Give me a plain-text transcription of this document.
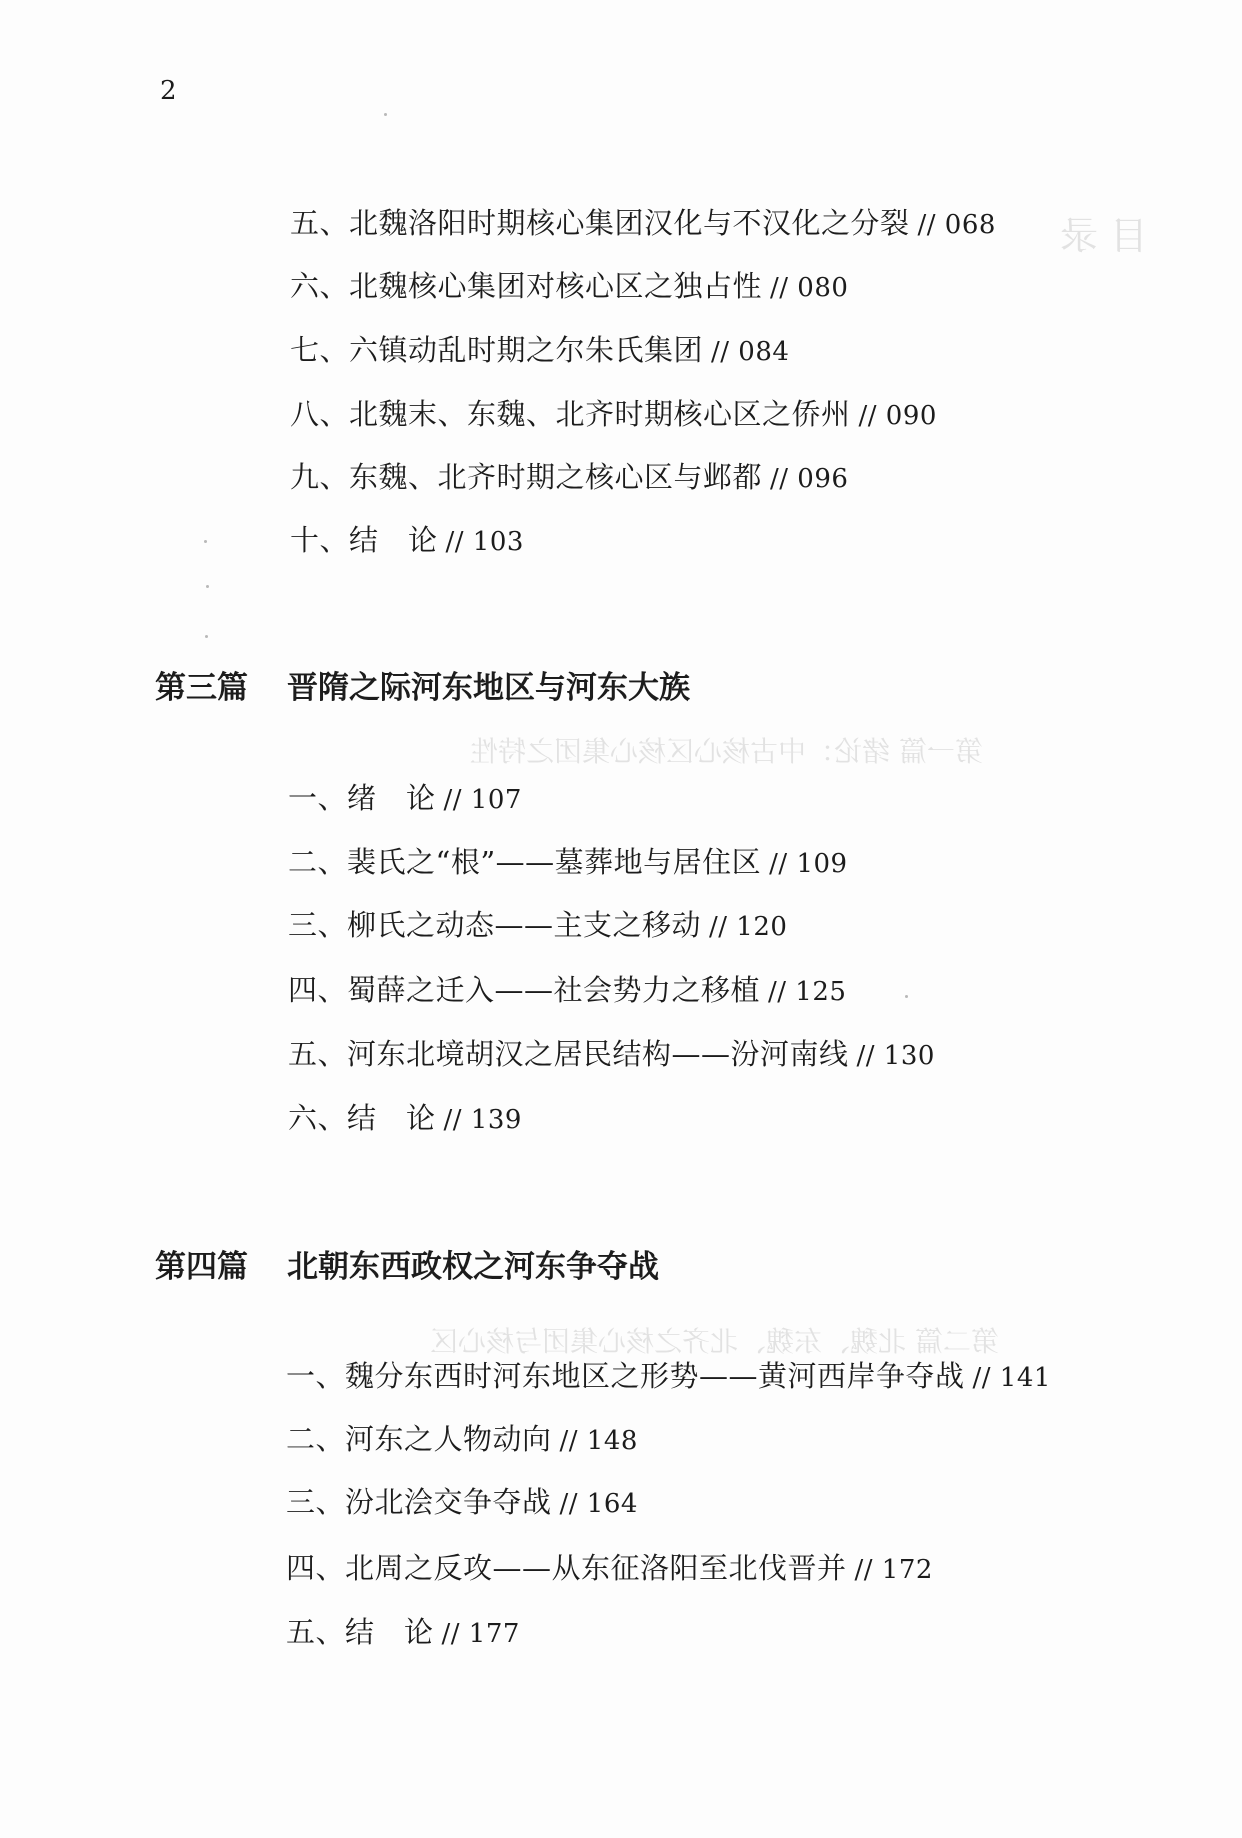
目 录
第一篇 绪论：中古核心区核心集团之特性
第二篇 北魏、东魏、北齐之核心集团与核心区
2
五、北魏洛阳时期核心集团汉化与不汉化之分裂 // 068
六、北魏核心集团对核心区之独占性 // 080
七、六镇动乱时期之尔朱氏集团 // 084
八、北魏末、东魏、北齐时期核心区之侨州 // 090
九、东魏、北齐时期之核心区与邺都 // 096
十、结　论 // 103
第三篇 晋隋之际河东地区与河东大族
一、绪　论 // 107
二、裴氏之“根”——墓葬地与居住区 // 109
三、柳氏之动态——主支之移动 // 120
四、蜀薛之迁入——社会势力之移植 // 125
五、河东北境胡汉之居民结构——汾河南线 // 130
六、结　论 // 139
第四篇 北朝东西政权之河东争夺战
一、魏分东西时河东地区之形势——黄河西岸争夺战 // 141
二、河东之人物动向 // 148
三、汾北浍交争夺战 // 164
四、北周之反攻——从东征洛阳至北伐晋并 // 172
五、结　论 // 177
